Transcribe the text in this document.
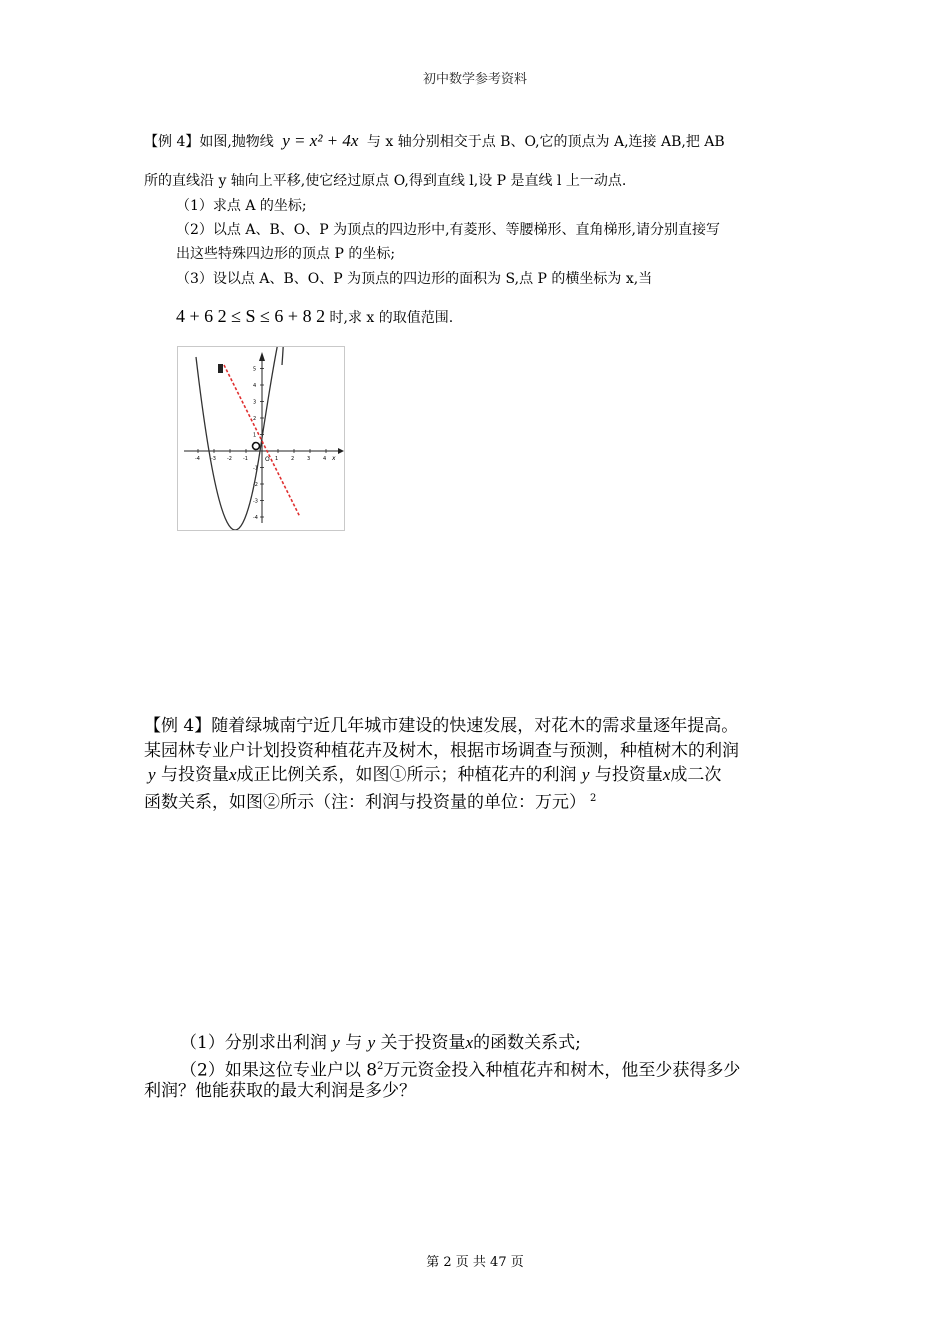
初中数学参考资料
【例 4】如图,抛物线 y = x² + 4x 与 x 轴分别相交于点 B、O,它的顶点为 A,连接 AB,把 AB
所的直线沿 y 轴向上平移,使它经过原点 O,得到直线 l,设 P 是直线 l 上一动点.
（1）求点 A 的坐标;
（2）以点 A、B、O、P 为顶点的四边形中,有菱形、等腰梯形、直角梯形,请分别直接写
出这些特殊四边形的顶点 P 的坐标;
（3）设以点 A、B、O、P 为顶点的四边形的面积为 S,点 P 的横坐标为 x,当
4 + 6 2 ≤ S ≤ 6 + 8 2 时,求 x 的取值范围.
-4 -3 -2 -1	1	2	3	4
5
4
3
2
1
-1
-2
-3
-4
O	x
【例 4】随着绿城南宁近几年城市建设的快速发展，对花木的需求量逐年提高。
某园林专业户计划投资种植花卉及树木，根据市场调查与预测，种植树木的利润
y 与投资量x成正比例关系，如图①所示；种植花卉的利润 y 与投资量x成二次
函数关系，如图②所示（注：利润与投资量的单位：万元） $^2$
（1）分别求出利润 y 与 y 关于投资量x的函数关系式;
（2）如果这位专业户以 $8^2$万元资金投入种植花卉和树木，他至少获得多少
利润？他能获取的最大利润是多少？
第 2 页 共 47 页
